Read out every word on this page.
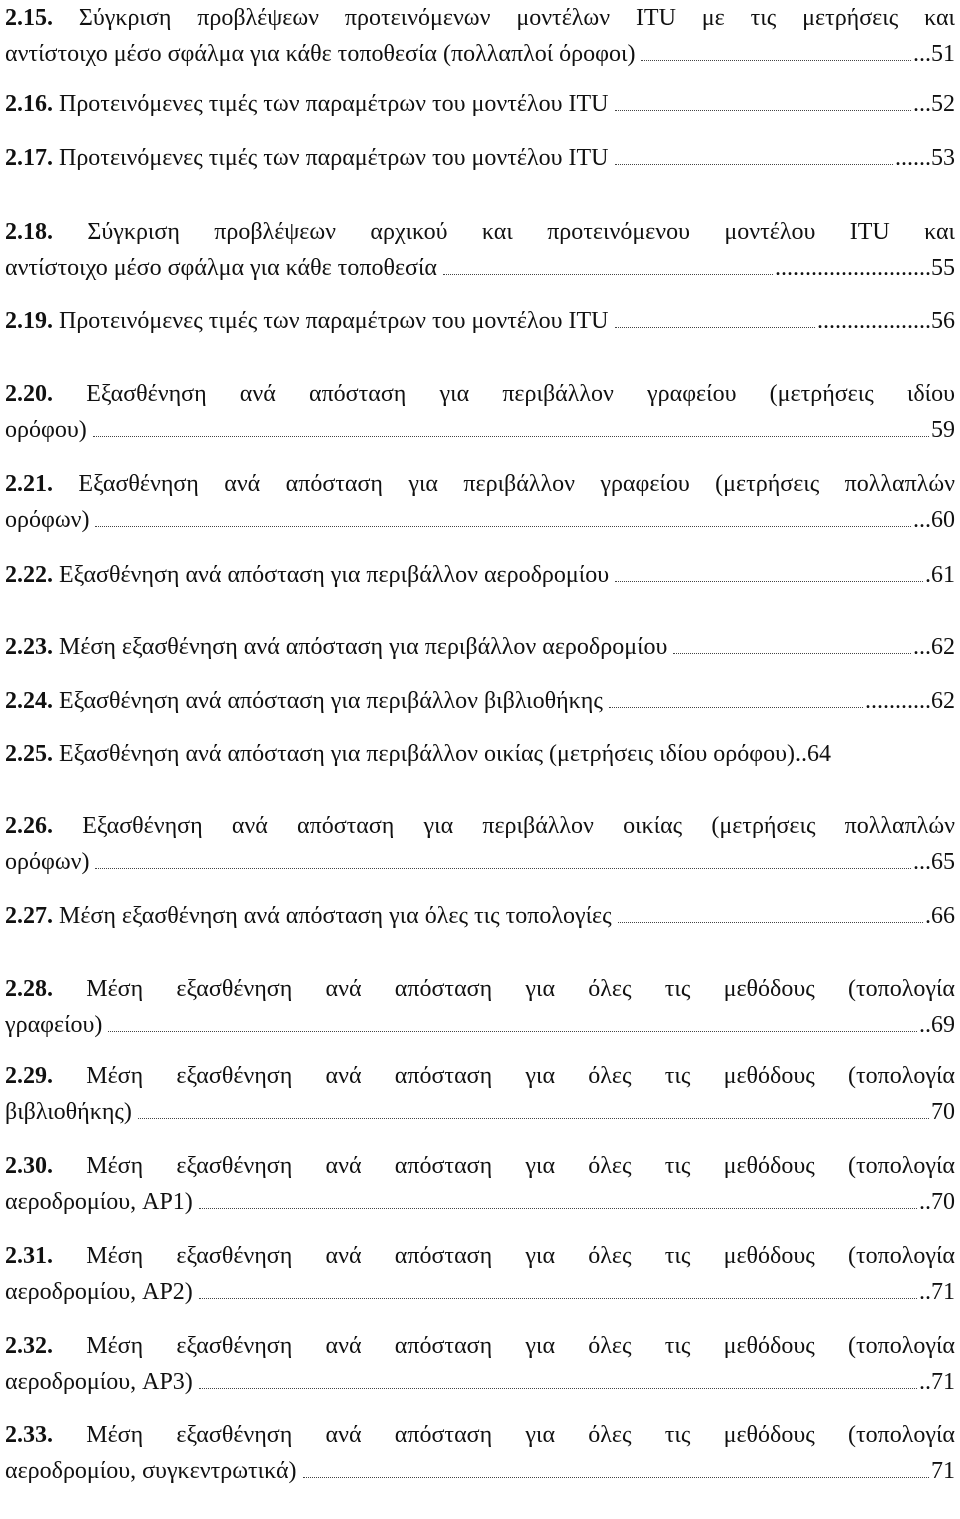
2.15. Σύγκριση προβλέψεων προτεινόμενων μοντέλων ITU με τις μετρήσεις και
αντίστοιχο μέσο σφάλμα για κάθε τοποθεσία (πολλαπλοί όροφοι)	... 51
2.16. Προτεινόμενες τιμές των παραμέτρων του μοντέλου ITU	... 52
2.17. Προτεινόμενες τιμές των παραμέτρων του μοντέλου ITU	...... 53
2.18. Σύγκριση προβλέψεων αρχικού και προτεινόμενου μοντέλου ITU και
αντίστοιχο μέσο σφάλμα για κάθε τοποθεσία	.......................... 55
2.19. Προτεινόμενες τιμές των παραμέτρων του μοντέλου ITU	................... 56
2.20. Εξασθένηση ανά απόσταση για περιβάλλον γραφείου (μετρήσεις ιδίου
ορόφου)	59
2.21. Εξασθένηση ανά απόσταση για περιβάλλον γραφείου (μετρήσεις πολλαπλών
ορόφων)	... 60
2.22. Εξασθένηση ανά απόσταση για περιβάλλον αεροδρομίου	. 61
2.23. Μέση εξασθένηση ανά απόσταση για περιβάλλον αεροδρομίου	... 62
2.24. Εξασθένηση ανά απόσταση για περιβάλλον βιβλιοθήκης	........... 62
2.25. Εξασθένηση ανά απόσταση για περιβάλλον οικίας (μετρήσεις ιδίου ορόφου)..64
2.26. Εξασθένηση ανά απόσταση για περιβάλλον οικίας (μετρήσεις πολλαπλών
ορόφων)	... 65
2.27. Μέση εξασθένηση ανά απόσταση για όλες τις τοπολογίες	. 66
2.28. Μέση εξασθένηση ανά απόσταση για όλες τις μεθόδους (τοπολογία
γραφείου)	.. 69
2.29. Μέση εξασθένηση ανά απόσταση για όλες τις μεθόδους (τοπολογία
βιβλιοθήκης)	70
2.30. Μέση εξασθένηση ανά απόσταση για όλες τις μεθόδους (τοπολογία
αεροδρομίου, AP1)	.. 70
2.31. Μέση εξασθένηση ανά απόσταση για όλες τις μεθόδους (τοπολογία
αεροδρομίου, AP2)	.. 71
2.32. Μέση εξασθένηση ανά απόσταση για όλες τις μεθόδους (τοπολογία
αεροδρομίου, AP3)	.. 71
2.33. Μέση εξασθένηση ανά απόσταση για όλες τις μεθόδους (τοπολογία
αεροδρομίου, συγκεντρωτικά)	71
